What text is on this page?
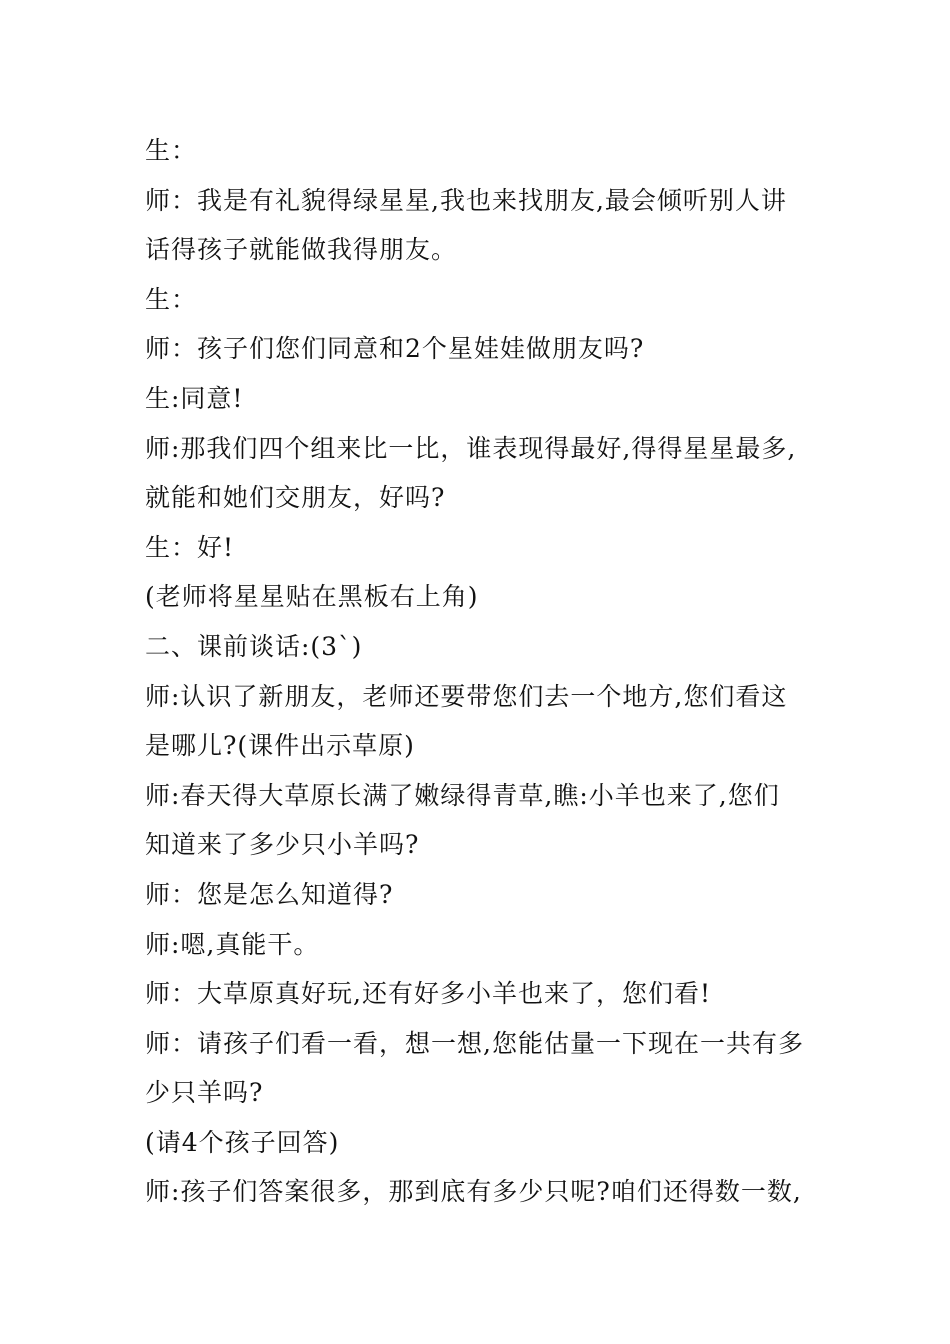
生：
师：我是有礼貌得绿星星,我也来找朋友,最会倾听别人讲
话得孩子就能做我得朋友。
生：
师：孩子们您们同意和2个星娃娃做朋友吗?
生:同意!
师:那我们四个组来比一比，谁表现得最好,得得星星最多,
就能和她们交朋友，好吗?
生：好!
(老师将星星贴在黑板右上角)
二、课前谈话:(3`)
师:认识了新朋友，老师还要带您们去一个地方,您们看这
是哪儿?(课件出示草原)
师:春天得大草原长满了嫩绿得青草,瞧:小羊也来了,您们
知道来了多少只小羊吗?
师：您是怎么知道得?
师:嗯,真能干。
师：大草原真好玩,还有好多小羊也来了，您们看!
师：请孩子们看一看，想一想,您能估量一下现在一共有多
少只羊吗?
(请4个孩子回答)
师:孩子们答案很多，那到底有多少只呢?咱们还得数一数,
